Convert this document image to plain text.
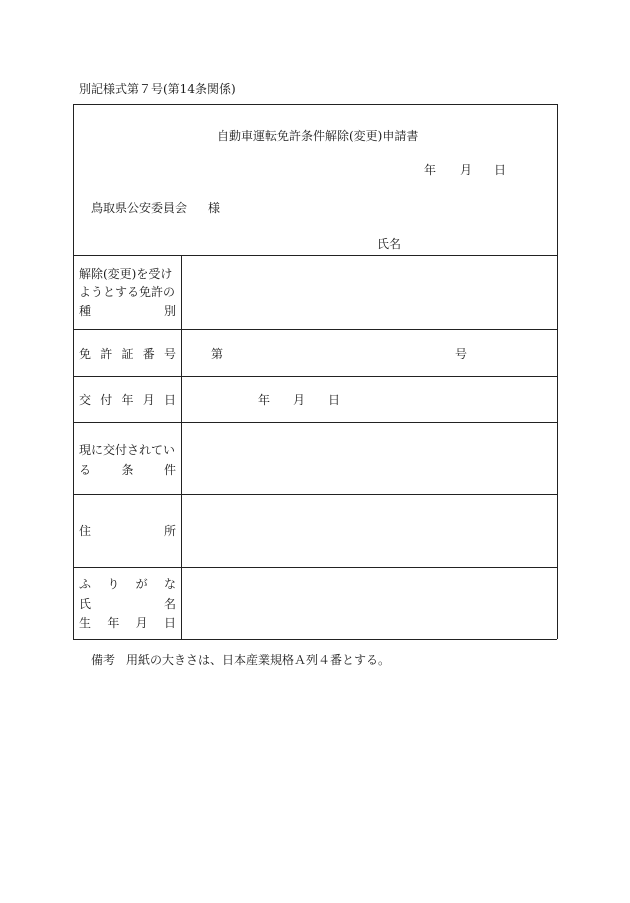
別記様式第７号(第14条関係)
自動車運転免許条件解除(変更)申請書
年 月 日
鳥取県公安委員会 様
氏名
解除(変更)を受け
ようとする免許の
種	別
免 許 証 番 号	第	号
交 付 年 月 日	年 月 日
現に交付されてい
る	条	件
住	所
ふ り が な
氏	名
生 年 月 日
備考 用紙の大きさは、日本産業規格Ａ列４番とする。
